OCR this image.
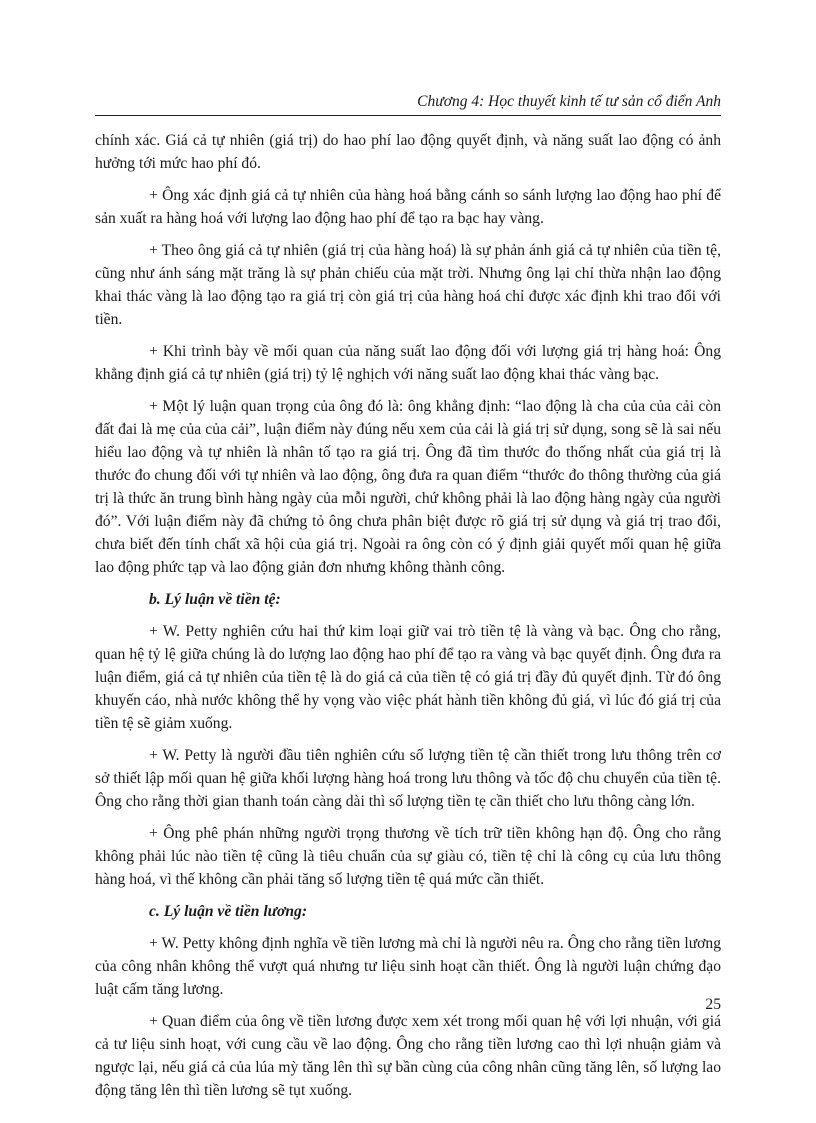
Chương 4: Học thuyết kinh tế tư sản cổ điển Anh

chính xác. Giá cả tự nhiên (giá trị) do hao phí lao động quyết định, và năng suất lao động có ảnh hưởng tới mức hao phí đó.

+ Ông xác định giá cả tự nhiên của hàng hoá bằng cánh so sánh lượng lao động hao phí để sản xuất ra hàng hoá với lượng lao động hao phí để tạo ra bạc hay vàng.

+ Theo ông giá cả tự nhiên (giá trị của hàng hoá) là sự phản ánh giá cả tự nhiên của tiền tệ, cũng như ánh sáng mặt trăng là sự phản chiếu của mặt trời. Nhưng ông lại chỉ thừa nhận lao động khai thác vàng là lao động tạo ra giá trị còn giá trị của hàng hoá chỉ được xác định khi trao đổi với tiền.

+ Khi trình bày về mối quan của năng suất lao động đối với lượng giá trị hàng hoá: Ông khẳng định giá cả tự nhiên (giá trị) tỷ lệ nghịch với năng suất lao động khai thác vàng bạc.

+ Một lý luận quan trọng của ông đó là: ông khẳng định: “lao động là cha của của cải còn đất đai là mẹ của của cải”, luận điểm này đúng nếu xem của cải là giá trị sử dụng, song sẽ là sai nếu hiểu lao động và tự nhiên là nhân tố tạo ra giá trị. Ông đã tìm thước đo thống nhất của giá trị là thước đo chung đối với tự nhiên và lao động, ông đưa ra quan điểm “thước đo thông thường của giá trị là thức ăn trung bình hàng ngày của mỗi người, chứ không phải là lao động hàng ngày của người đó”. Với luận điểm này đã chứng tỏ ông chưa phân biệt được rõ giá trị sử dụng và giá trị trao đổi, chưa biết đến tính chất xã hội của giá trị. Ngoài ra ông còn có ý định giải quyết mối quan hệ giữa lao động phức tạp và lao động giản đơn nhưng không thành công.

b. Lý luận về tiền tệ:

+ W. Petty nghiên cứu hai thứ kim loại giữ vai trò tiền tệ là vàng và bạc. Ông cho rằng, quan hệ tỷ lệ giữa chúng là do lượng lao động hao phí để tạo ra vàng và bạc quyết định. Ông đưa ra luận điểm, giá cả tự nhiên của tiền tệ là do giá cả của tiền tệ có giá trị đầy đủ quyết định. Từ đó ông khuyến cáo, nhà nước không thể hy vọng vào việc phát hành tiền không đủ giá, vì lúc đó giá trị của tiền tệ sẽ giảm xuống.

+ W. Petty là người đầu tiên nghiên cứu số lượng tiền tệ cần thiết trong lưu thông trên cơ sở thiết lập mối quan hệ giữa khối lượng hàng hoá trong lưu thông và tốc độ chu chuyển của tiền tệ. Ông cho rằng thời gian thanh toán càng dài thì số lượng tiền tẹ cần thiết cho lưu thông càng lớn.

+ Ông phê phán những người trọng thương về tích trữ tiền không hạn độ. Ông cho rằng không phải lúc nào tiền tệ cũng là tiêu chuẩn của sự giàu có, tiền tệ chỉ là công cụ của lưu thông hàng hoá, vì thế không cần phải tăng số lượng tiền tệ quá mức cần thiết.

c. Lý luận về tiền lương:

+ W. Petty không định nghĩa về tiền lương mà chỉ là người nêu ra. Ông cho rằng tiền lương của công nhân không thể vượt quá nhưng tư liệu sinh hoạt cần thiết. Ông là người luận chứng đạo luật cấm tăng lương.

+ Quan điểm của ông về tiền lương được xem xét trong mối quan hệ với lợi nhuận, với giá cả tư liệu sinh hoạt, với cung cầu về lao động. Ông cho rằng tiền lương cao thì lợi nhuận giảm và ngược lại, nếu giá cả của lúa mỳ tăng lên thì sự bần cùng của công nhân cũng tăng lên, số lượng lao động tăng lên thì tiền lương sẽ tụt xuống.

25
